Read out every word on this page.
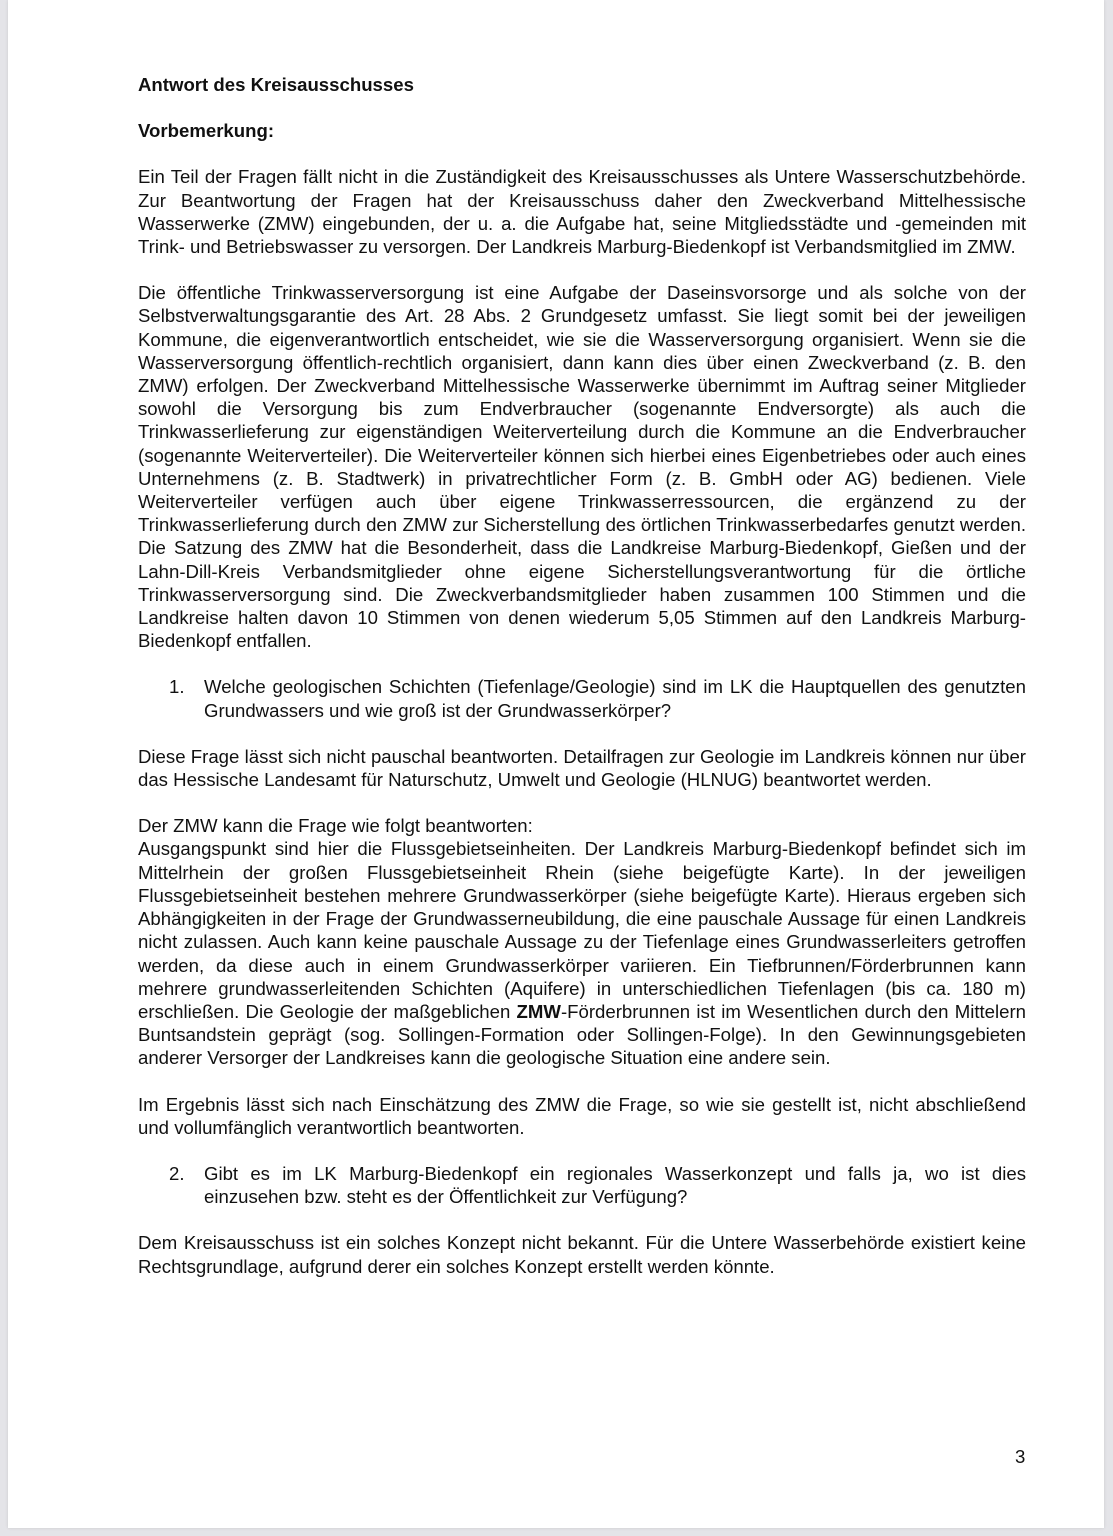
Antwort des Kreisausschusses

Vorbemerkung:

Ein Teil der Fragen fällt nicht in die Zuständigkeit des Kreisausschusses als Untere Wasserschutzbehörde. Zur Beantwortung der Fragen hat der Kreisausschuss daher den Zweckverband Mittelhessische Wasserwerke (ZMW) eingebunden, der u. a. die Aufgabe hat, seine Mitgliedsstädte und -gemeinden mit Trink- und Betriebswasser zu versorgen. Der Landkreis Marburg-Biedenkopf ist Verbandsmitglied im ZMW.

Die öffentliche Trinkwasserversorgung ist eine Aufgabe der Daseinsvorsorge und als solche von der Selbstverwaltungsgarantie des Art. 28 Abs. 2 Grundgesetz umfasst. Sie liegt somit bei der jeweiligen Kommune, die eigenverantwortlich entscheidet, wie sie die Wasserversorgung organisiert. Wenn sie die Wasserversorgung öffentlich-rechtlich organisiert, dann kann dies über einen Zweckverband (z. B. den ZMW) erfolgen. Der Zweckverband Mittelhessische Wasserwerke übernimmt im Auftrag seiner Mitglieder sowohl die Versorgung bis zum Endverbraucher (sogenannte Endversorgte) als auch die Trinkwasserlieferung zur eigenständigen Weiterverteilung durch die Kommune an die Endverbraucher (sogenannte Weiterverteiler). Die Weiterverteiler können sich hierbei eines Eigenbetriebes oder auch eines Unternehmens (z. B. Stadtwerk) in privatrechtlicher Form (z. B. GmbH oder AG) bedienen. Viele Weiterverteiler verfügen auch über eigene Trinkwasserressourcen, die ergänzend zu der Trinkwasserlieferung durch den ZMW zur Sicherstellung des örtlichen Trinkwasserbedarfes genutzt werden. Die Satzung des ZMW hat die Besonderheit, dass die Landkreise Marburg-Biedenkopf, Gießen und der Lahn-Dill-Kreis Verbandsmitglieder ohne eigene Sicherstellungsverantwortung für die örtliche Trinkwasserversorgung sind. Die Zweckverbandsmitglieder haben zusammen 100 Stimmen und die Landkreise halten davon 10 Stimmen von denen wiederum 5,05 Stimmen auf den Landkreis Marburg-Biedenkopf entfallen.

1.	Welche geologischen Schichten (Tiefenlage/Geologie) sind im LK die Hauptquellen des genutzten Grundwassers und wie groß ist der Grundwasserkörper?

Diese Frage lässt sich nicht pauschal beantworten. Detailfragen zur Geologie im Landkreis können nur über das Hessische Landesamt für Naturschutz, Umwelt und Geologie (HLNUG) beantwortet werden.

Der ZMW kann die Frage wie folgt beantworten:

Ausgangspunkt sind hier die Flussgebietseinheiten. Der Landkreis Marburg-Biedenkopf befindet sich im Mittelrhein der großen Flussgebietseinheit Rhein (siehe beigefügte Karte). In der jeweiligen Flussgebietseinheit bestehen mehrere Grundwasserkörper (siehe beigefügte Karte). Hieraus ergeben sich Abhängigkeiten in der Frage der Grundwasserneubildung, die eine pauschale Aussage für einen Landkreis nicht zulassen. Auch kann keine pauschale Aussage zu der Tiefenlage eines Grundwasserleiters getroffen werden, da diese auch in einem Grundwasserkörper variieren. Ein Tiefbrunnen/Förderbrunnen kann mehrere grundwasserleitenden Schichten (Aquifere) in unterschiedlichen Tiefenlagen (bis ca. 180 m) erschließen. Die Geologie der maßgeblichen ZMW-Förderbrunnen ist im Wesentlichen durch den Mittelern Buntsandstein geprägt (sog. Sollingen-Formation oder Sollingen-Folge). In den Gewinnungsgebieten anderer Versorger der Landkreises kann die geologische Situation eine andere sein.

Im Ergebnis lässt sich nach Einschätzung des ZMW die Frage, so wie sie gestellt ist, nicht abschließend und vollumfänglich verantwortlich beantworten.

2.	Gibt es im LK Marburg-Biedenkopf ein regionales Wasserkonzept und falls ja, wo ist dies einzusehen bzw. steht es der Öffentlichkeit zur Verfügung?

Dem Kreisausschuss ist ein solches Konzept nicht bekannt. Für die Untere Wasserbehörde existiert keine Rechtsgrundlage, aufgrund derer ein solches Konzept erstellt werden könnte.

3
